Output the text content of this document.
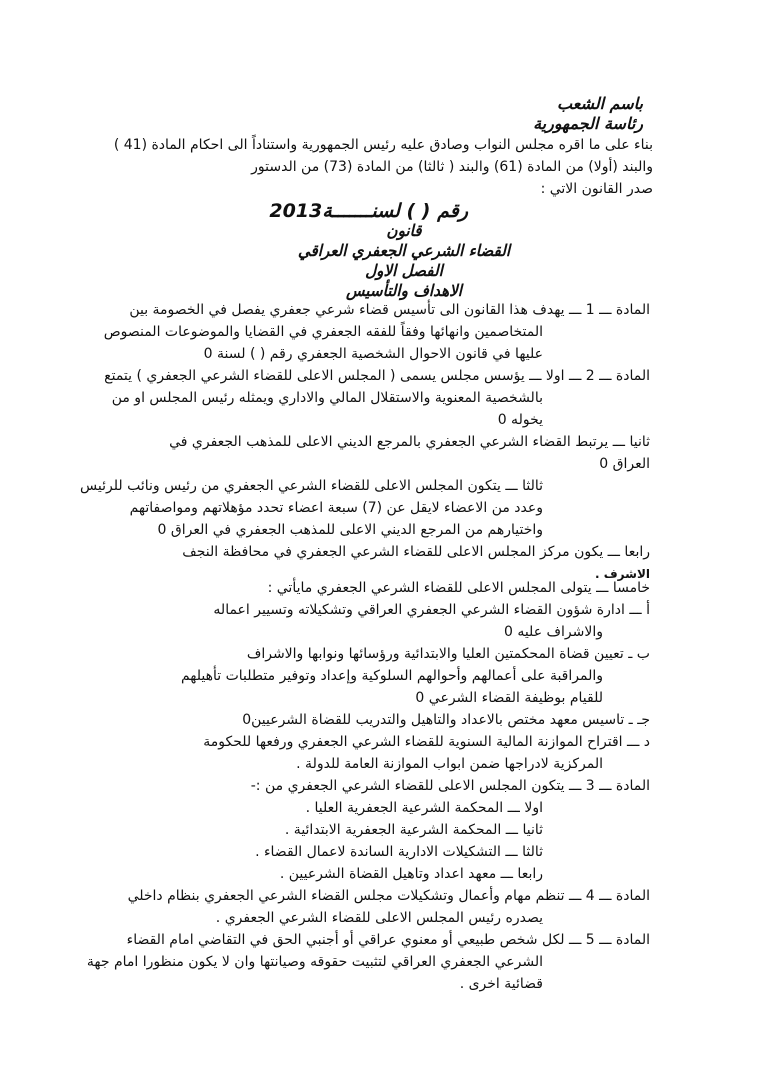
باسم الشعب
رئاسة الجمهورية
بناء على ما اقره مجلس النواب وصادق عليه رئيس الجمهورية واستناداً الى احكام المادة (41 )
والبند (أولا) من المادة (61) والبند ( ثالثا) من المادة (73) من الدستور
صدر القانون الاتي :
رقم ( ) لسنـــــــة2013
قانون
القضاء الشرعي الجعفري العراقي
الفصل الاول
الاهداف والتأسيس
المادة ـــ 1 ـــ يهدف هذا القانون الى تأسيس قضاء شرعي جعفري يفصل في الخصومة بين
المتخاصمين وانهائها وفقاً للفقه الجعفري في القضايا والموضوعات المنصوص
عليها في قانون الاحوال الشخصية الجعفري رقم ( ) لسنة 0
المادة ـــ 2 ـــ اولا ـــ يؤسس مجلس يسمى ( المجلس الاعلى للقضاء الشرعي الجعفري ) يتمتع
بالشخصية المعنوية والاستقلال المالي والاداري ويمثله رئيس المجلس او من
يخوله 0
ثانيا ـــ يرتبط القضاء الشرعي الجعفري بالمرجع الديني الاعلى للمذهب الجعفري في
العراق 0
ثالثا ـــ يتكون المجلس الاعلى للقضاء الشرعي الجعفري من رئيس ونائب للرئيس
وعدد من الاعضاء لايقل عن (7) سبعة اعضاء تحدد مؤهلاتهم ومواصفاتهم
واختيارهم من المرجع الديني الاعلى للمذهب الجعفري في العراق 0
رابعا ـــ يكون مركز المجلس الاعلى للقضاء الشرعي الجعفري في محافظة النجف
الاشرف .
خامسا ـــ يتولى المجلس الاعلى للقضاء الشرعي الجعفري مايأتي :
أ ـــ ادارة شؤون القضاء الشرعي الجعفري العراقي وتشكيلاته وتسيير اعماله
والاشراف عليه 0
ب ـ تعيين قضاة المحكمتين العليا والابتدائية ورؤسائها ونوابها والاشراف
والمراقبة على أعمالهم وأحوالهم السلوكية وإعداد وتوفير متطلبات تأهيلهم
للقيام بوظيفة القضاء الشرعي 0
جـ ـ تاسيس معهد مختص بالاعداد والتاهيل والتدريب للقضاة الشرعيين0
د ـــ اقتراح الموازنة المالية السنوية للقضاء الشرعي الجعفري ورفعها للحكومة
المركزية لادراجها ضمن ابواب الموازنة العامة للدولة .
المادة ـــ 3 ـــ يتكون المجلس الاعلى للقضاء الشرعي الجعفري من :-
اولا ـــ المحكمة الشرعية الجعفرية العليا .
ثانيا ـــ المحكمة الشرعية الجعفرية الابتدائية .
ثالثا ـــ التشكيلات الادارية الساندة لاعمال القضاء .
رابعا ـــ معهد اعداد وتاهيل القضاة الشرعيين .
المادة ـــ 4 ـــ تنظم مهام وأعمال وتشكيلات مجلس القضاء الشرعي الجعفري بنظام داخلي
يصدره رئيس المجلس الاعلى للقضاء الشرعي الجعفري .
المادة ـــ 5 ـــ لكل شخص طبيعي أو معنوي عراقي أو أجنبي الحق في التقاضي امام القضاء
الشرعي الجعفري العراقي لتثبيت حقوقه وصيانتها وان لا يكون منظورا امام جهة
قضائية اخرى .
